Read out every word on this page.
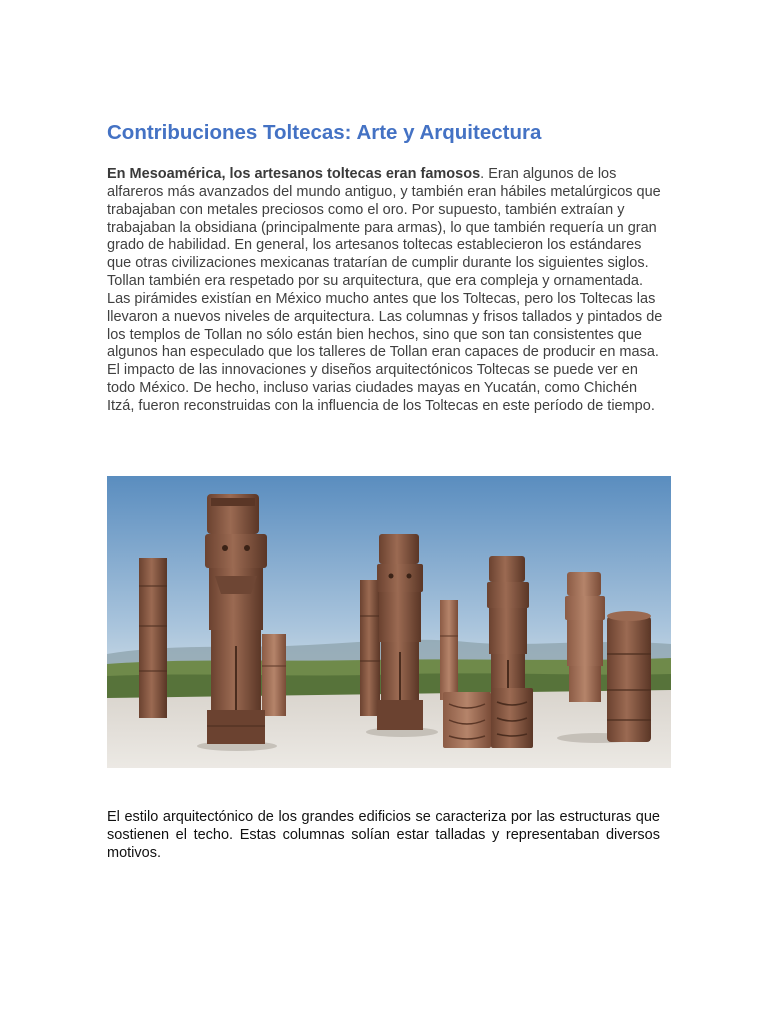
Contribuciones Toltecas: Arte y Arquitectura

En Mesoamérica, los artesanos toltecas eran famosos. Eran algunos de los alfareros más avanzados del mundo antiguo, y también eran hábiles metalúrgicos que trabajaban con metales preciosos como el oro. Por supuesto, también extraían y trabajaban la obsidiana (principalmente para armas), lo que también requería un gran grado de habilidad. En general, los artesanos toltecas establecieron los estándares que otras civilizaciones mexicanas tratarían de cumplir durante los siguientes siglos. Tollan también era respetado por su arquitectura, que era compleja y ornamentada. Las pirámides existían en México mucho antes que los Toltecas, pero los Toltecas las llevaron a nuevos niveles de arquitectura. Las columnas y frisos tallados y pintados de los templos de Tollan no sólo están bien hechos, sino que son tan consistentes que algunos han especulado que los talleres de Tollan eran capaces de producir en masa. El impacto de las innovaciones y diseños arquitectónicos Toltecas se puede ver en todo México. De hecho, incluso varias ciudades mayas en Yucatán, como Chichén Itzá, fueron reconstruidas con la influencia de los Toltecas en este período de tiempo.

El estilo arquitectónico de los grandes edificios se caracteriza por las estructuras que sostienen el techo. Estas columnas solían estar talladas y representaban diversos motivos.
